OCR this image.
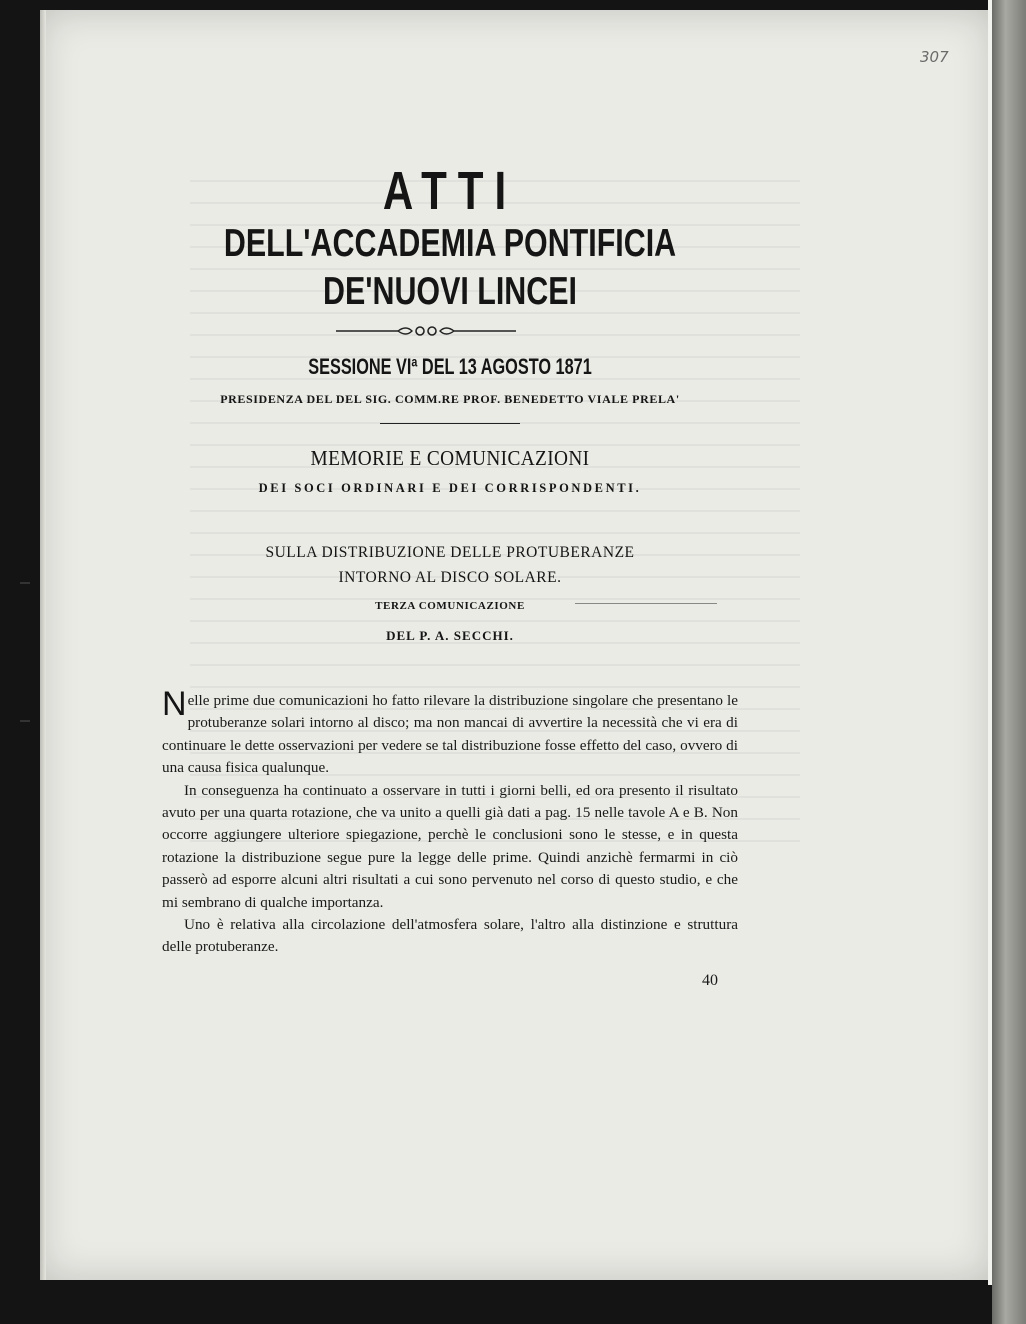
307
ATTI
DELL'ACCADEMIA PONTIFICIA
DE'NUOVI LINCEI
SESSIONE VIª DEL 13 AGOSTO 1871
PRESIDENZA DEL DEL SIG. COMM.RE PROF. BENEDETTO VIALE PRELA'
MEMORIE E COMUNICAZIONI
DEI SOCI ORDINARI E DEI CORRISPONDENTI.
SULLA DISTRIBUZIONE DELLE PROTUBERANZE
INTORNO AL DISCO SOLARE.
TERZA COMUNICAZIONE
DEL P. A. SECCHI.

Nelle prime due comunicazioni ho fatto rilevare la distribuzione singolare che presentano le protuberanze solari intorno al disco; ma non mancai di avvertire la necessità che vi era di continuare le dette osservazioni per vedere se tal distribuzione fosse effetto del caso, ovvero di una causa fisica qualunque.

In conseguenza ha continuato a osservare in tutti i giorni belli, ed ora presento il risultato avuto per una quarta rotazione, che va unito a quelli già dati a pag. 15 nelle tavole A e B. Non occorre aggiungere ulteriore spiegazione, perchè le conclusioni sono le stesse, e in questa rotazione la distribuzione segue pure la legge delle prime. Quindi anzichè fermarmi in ciò passerò ad esporre alcuni altri risultati a cui sono pervenuto nel corso di questo studio, e che mi sembrano di qualche importanza.

Uno è relativa alla circolazione dell'atmosfera solare, l'altro alla distinzione e struttura delle protuberanze.

40
